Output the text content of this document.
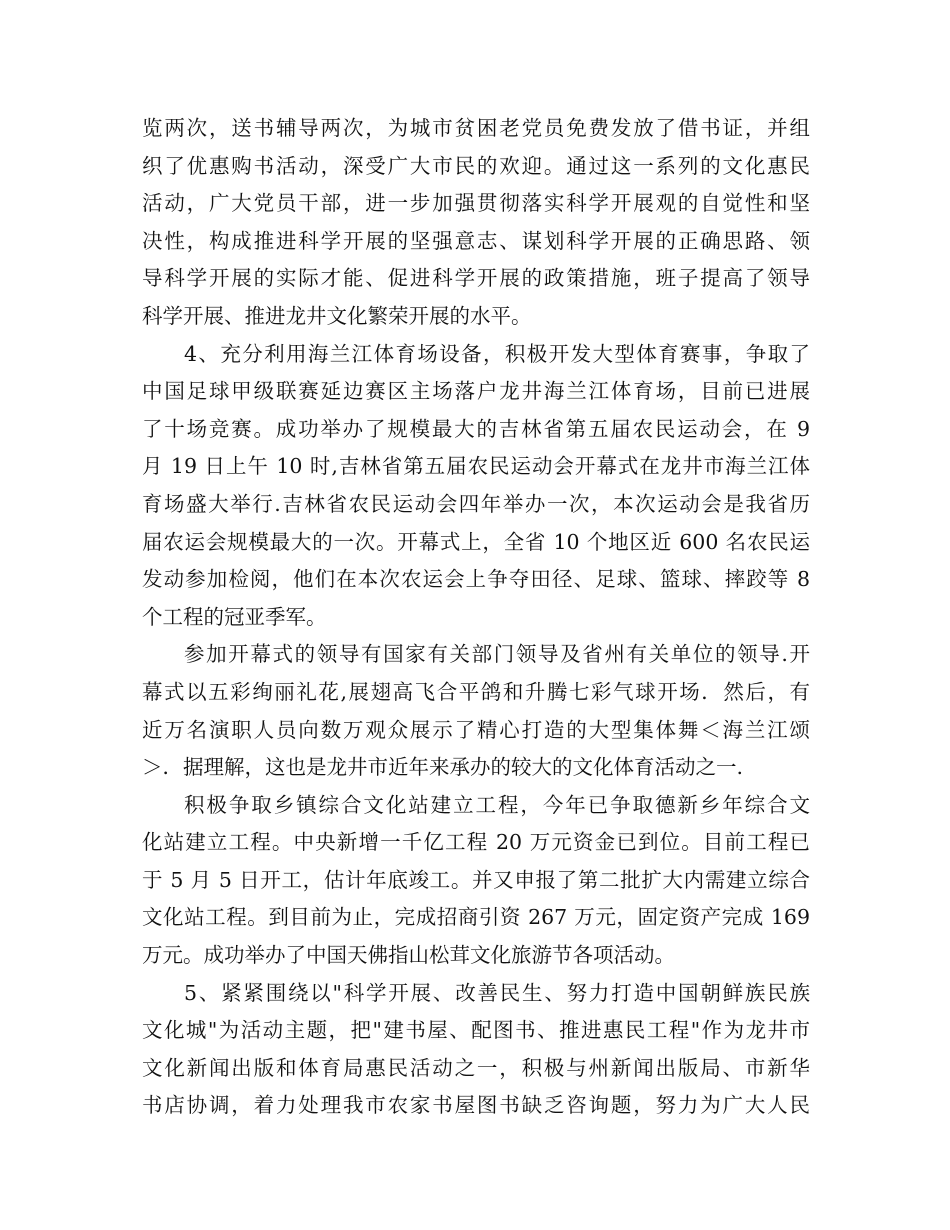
览两次，送书辅导两次，为城市贫困老党员免费发放了借书证，并组
织了优惠购书活动，深受广大市民的欢迎。通过这一系列的文化惠民
活动，广大党员干部，进一步加强贯彻落实科学开展观的自觉性和坚
决性，构成推进科学开展的坚强意志、谋划科学开展的正确思路、领
导科学开展的实际才能、促进科学开展的政策措施，班子提高了领导
科学开展、推进龙井文化繁荣开展的水平。
4、充分利用海兰江体育场设备，积极开发大型体育赛事，争取了
中国足球甲级联赛延边赛区主场落户龙井海兰江体育场，目前已进展
了十场竞赛。成功举办了规模最大的吉林省第五届农民运动会，在 9
月 19 日上午 10 时,吉林省第五届农民运动会开幕式在龙井市海兰江体
育场盛大举行.吉林省农民运动会四年举办一次，本次运动会是我省历
届农运会规模最大的一次。开幕式上，全省 10 个地区近 600 名农民运
发动参加检阅，他们在本次农运会上争夺田径、足球、篮球、摔跤等 8
个工程的冠亚季军。
参加开幕式的领导有国家有关部门领导及省州有关单位的领导.开
幕式以五彩绚丽礼花,展翅高飞合平鸽和升腾七彩气球开场．然后，有
近万名演职人员向数万观众展示了精心打造的大型集体舞＜海兰江颂
＞．据理解，这也是龙井市近年来承办的较大的文化体育活动之一.
积极争取乡镇综合文化站建立工程，今年已争取德新乡年综合文
化站建立工程。中央新增一千亿工程 20 万元资金已到位。目前工程已
于 5 月 5 日开工，估计年底竣工。并又申报了第二批扩大内需建立综合
文化站工程。到目前为止，完成招商引资 267 万元，固定资产完成 169
万元。成功举办了中国天佛指山松茸文化旅游节各项活动。
5、紧紧围绕以"科学开展、改善民生、努力打造中国朝鲜族民族
文化城"为活动主题，把"建书屋、配图书、推进惠民工程"作为龙井市
文化新闻出版和体育局惠民活动之一，积极与州新闻出版局、市新华
书店协调，着力处理我市农家书屋图书缺乏咨询题，努力为广大人民
